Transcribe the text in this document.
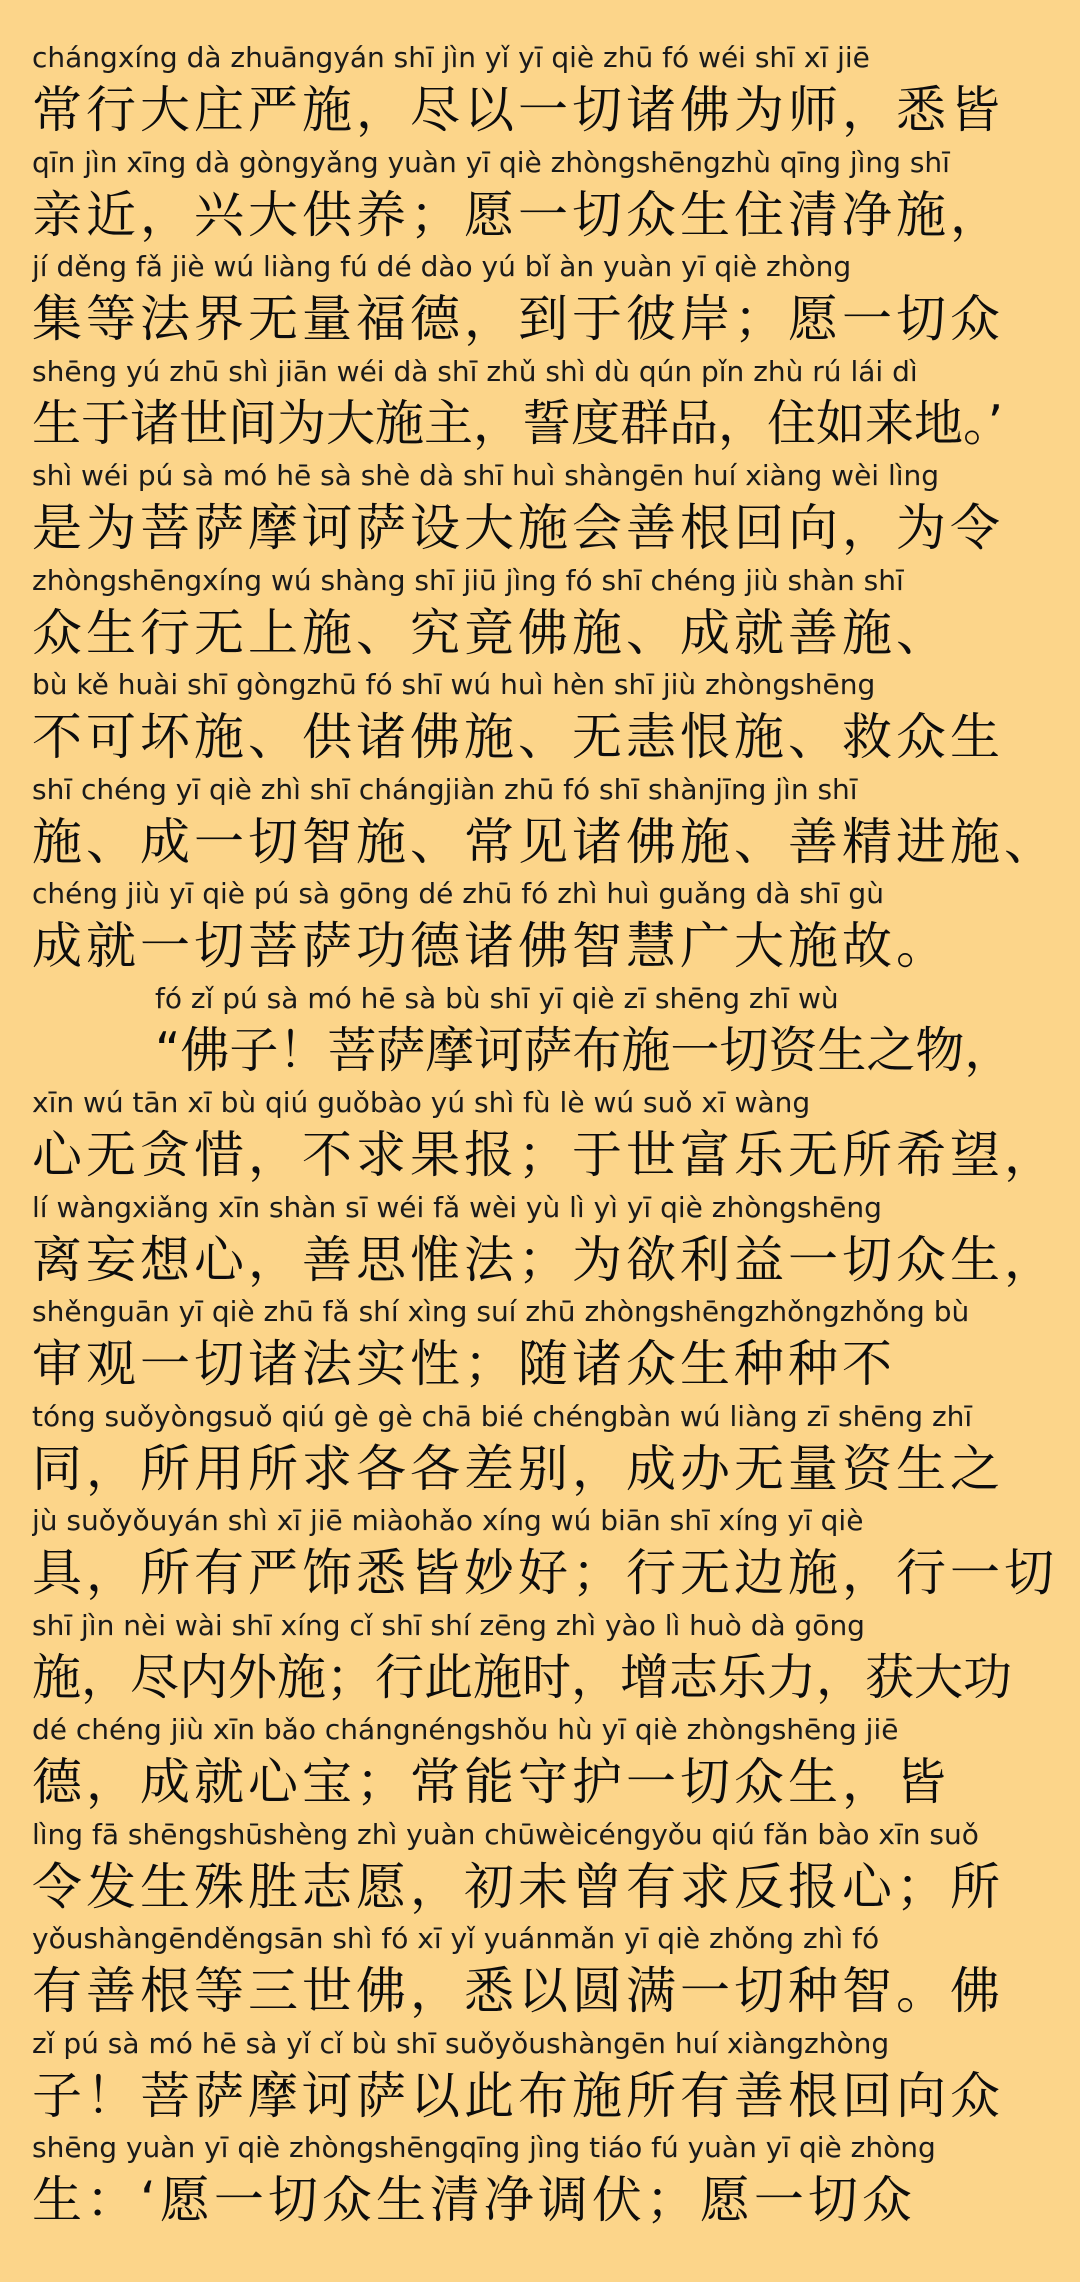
chángxíng dà zhuāngyán shī jìn yǐ yī qiè zhū fó wéi shī xī jiē
常行大庄严施，尽以一切诸佛为师，悉皆
qīn jìn xīng dà gòngyǎng yuàn yī qiè zhòngshēngzhù qīng jìng shī
亲近，兴大供养；愿一切众生住清净施，
jí děng fǎ jiè wú liàng fú dé dào yú bǐ àn yuàn yī qiè zhòng
集等法界无量福德，到于彼岸；愿一切众
shēng yú zhū shì jiān wéi dà shī zhǔ shì dù qún pǐn zhù rú lái dì
生于诸世间为大施主，誓度群品，住如来地。’
shì wéi pú sà mó hē sà shè dà shī huì shàngēn huí xiàng wèi lìng
是为菩萨摩诃萨设大施会善根回向，为令
zhòngshēngxíng wú shàng shī jiū jìng fó shī chéng jiù shàn shī
众生行无上施、究竟佛施、成就善施、
bù kě huài shī gòngzhū fó shī wú huì hèn shī jiù zhòngshēng
不可坏施、供诸佛施、无恚恨施、救众生
shī chéng yī qiè zhì shī chángjiàn zhū fó shī shànjīng jìn shī
施、成一切智施、常见诸佛施、善精进施、
chéng jiù yī qiè pú sà gōng dé zhū fó zhì huì guǎng dà shī gù
成就一切菩萨功德诸佛智慧广大施故。
fó zǐ pú sà mó hē sà bù shī yī qiè zī shēng zhī wù
“佛子！菩萨摩诃萨布施一切资生之物，
xīn wú tān xī bù qiú guǒbào yú shì fù lè wú suǒ xī wàng
心无贪惜，不求果报；于世富乐无所希望，
lí wàngxiǎng xīn shàn sī wéi fǎ wèi yù lì yì yī qiè zhòngshēng
离妄想心，善思惟法；为欲利益一切众生，
shěnguān yī qiè zhū fǎ shí xìng suí zhū zhòngshēngzhǒngzhǒng bù
审观一切诸法实性；随诸众生种种不
tóng suǒyòngsuǒ qiú gè gè chā bié chéngbàn wú liàng zī shēng zhī
同，所用所求各各差别，成办无量资生之
jù suǒyǒuyán shì xī jiē miàohǎo xíng wú biān shī xíng yī qiè
具，所有严饰悉皆妙好；行无边施，行一切
shī jìn nèi wài shī xíng cǐ shī shí zēng zhì yào lì huò dà gōng
施，尽内外施；行此施时，增志乐力，获大功
dé chéng jiù xīn bǎo chángnéngshǒu hù yī qiè zhòngshēng jiē
德，成就心宝；常能守护一切众生，皆
lìng fā shēngshūshèng zhì yuàn chūwèicéngyǒu qiú fǎn bào xīn suǒ
令发生殊胜志愿，初未曾有求反报心；所
yǒushàngēnděngsān shì fó xī yǐ yuánmǎn yī qiè zhǒng zhì fó
有善根等三世佛，悉以圆满一切种智。佛
zǐ pú sà mó hē sà yǐ cǐ bù shī suǒyǒushàngēn huí xiàngzhòng
子！菩萨摩诃萨以此布施所有善根回向众
shēng yuàn yī qiè zhòngshēngqīng jìng tiáo fú yuàn yī qiè zhòng
生：‘愿一切众生清净调伏；愿一切众
